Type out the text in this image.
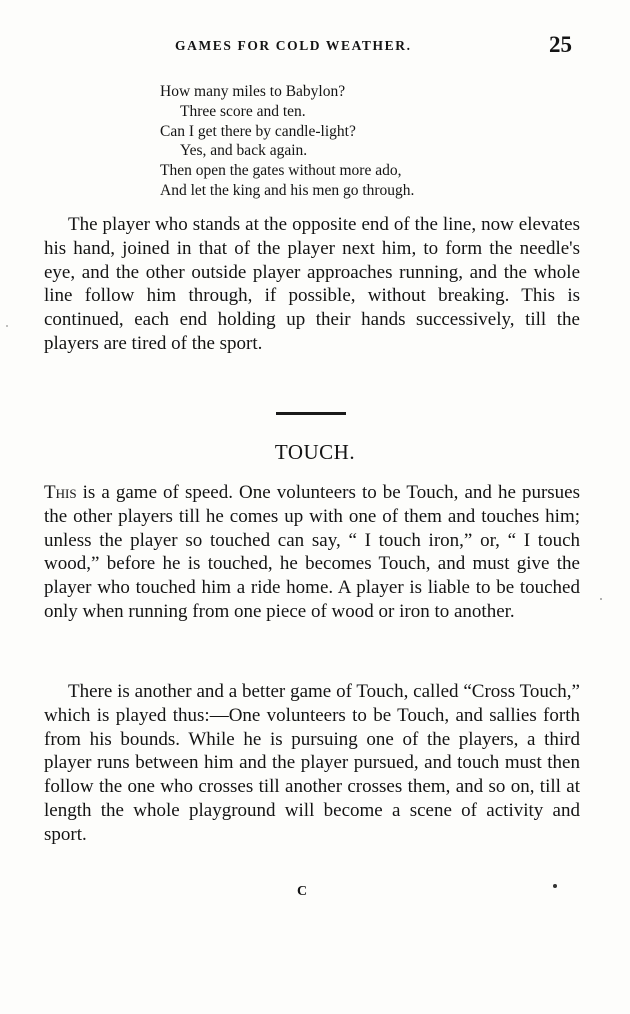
GAMES FOR COLD WEATHER.	25
How many miles to Babylon?
Three score and ten.
Can I get there by candle-light?
Yes, and back again.
Then open the gates without more ado,
And let the king and his men go through.

The player who stands at the opposite end of the line, now elevates his hand, joined in that of the player next him, to form the needle's eye, and the other outside player approaches running, and the whole line follow him through, if possible, without breaking. This is continued, each end holding up their hands successively, till the players are tired of the sport.

TOUCH.

This is a game of speed. One volunteers to be Touch, and he pursues the other players till he comes up with one of them and touches him; unless the player so touched can say, “ I touch iron,” or, “ I touch wood,” before he is touched, he becomes Touch, and must give the player who touched him a ride home. A player is liable to be touched only when running from one piece of wood or iron to another.

There is another and a better game of Touch, called “Cross Touch,” which is played thus:—One volunteers to be Touch, and sallies forth from his bounds. While he is pursuing one of the players, a third player runs between him and the player pursued, and touch must then follow the one who crosses till another crosses them, and so on, till at length the whole playground will become a scene of activity and sport.

C
